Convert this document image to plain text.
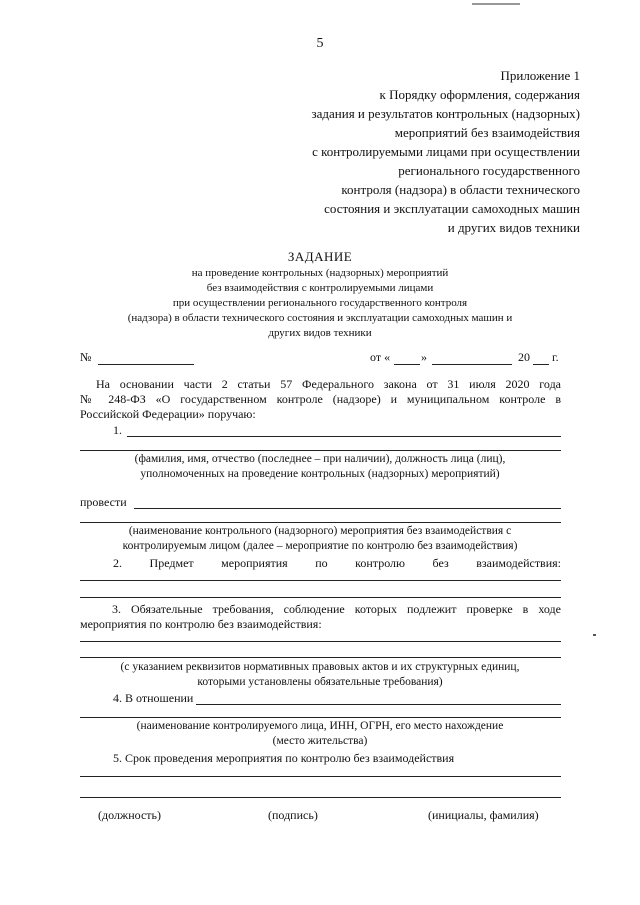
5
Приложение 1
к Порядку оформления, содержания
задания и результатов контрольных (надзорных)
мероприятий без взаимодействия
с контролируемыми лицами при осуществлении
регионального государственного
контроля (надзора) в области технического
состояния и эксплуатации самоходных машин
и других видов техники
ЗАДАНИЕ
на проведение контрольных (надзорных) мероприятий
без взаимодействия с контролируемыми лицами
при осуществлении регионального государственного контроля
(надзора) в области технического состояния и эксплуатации самоходных машин и
других видов техники
№	от «	»	20 г.
На основании части 2 статьи 57 Федерального закона от 31 июля 2020 года
№ 248-ФЗ «О государственном контроле (надзоре) и муниципальном контроле в
Российской Федерации» поручаю:
1.
(фамилия, имя, отчество (последнее – при наличии), должность лица (лиц),
уполномоченных на проведение контрольных (надзорных) мероприятий)
провести
(наименование контрольного (надзорного) мероприятия без взаимодействия с
контролируемым лицом (далее – мероприятие по контролю без взаимодействия)
2. Предмет мероприятия по контролю без взаимодействия:
3. Обязательные требования, соблюдение которых подлежит проверке в ходе
мероприятия по контролю без взаимодействия:
(с указанием реквизитов нормативных правовых актов и их структурных единиц,
которыми установлены обязательные требования)
4. В отношении
(наименование контролируемого лица, ИНН, ОГРН, его место нахождение
(место жительства)
5. Срок проведения мероприятия по контролю без взаимодействия
(должность)	(подпись)	(инициалы, фамилия)
